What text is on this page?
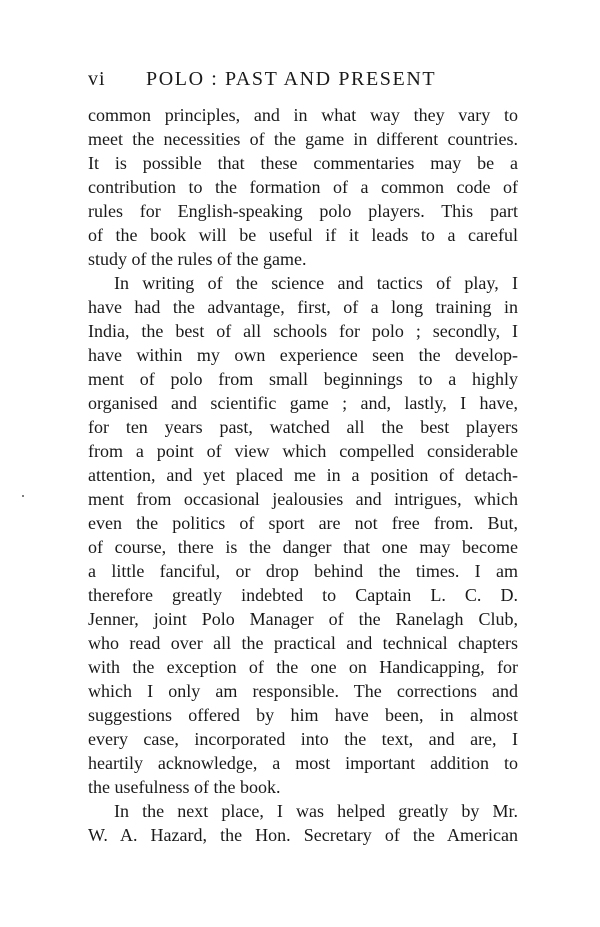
vi POLO : PAST AND PRESENT
common principles, and in what way they vary to
meet the necessities of the game in different countries.
It is possible that these commentaries may be a
contribution to the formation of a common code of
rules for English-speaking polo players. This part
of the book will be useful if it leads to a careful
study of the rules of the game.
In writing of the science and tactics of play, I
have had the advantage, first, of a long training in
India, the best of all schools for polo ; secondly, I
have within my own experience seen the develop-
ment of polo from small beginnings to a highly
organised and scientific game ; and, lastly, I have,
for ten years past, watched all the best players
from a point of view which compelled considerable
attention, and yet placed me in a position of detach-
ment from occasional jealousies and intrigues, which
even the politics of sport are not free from. But,
of course, there is the danger that one may become
a little fanciful, or drop behind the times. I am
therefore greatly indebted to Captain L. C. D.
Jenner, joint Polo Manager of the Ranelagh Club,
who read over all the practical and technical chapters
with the exception of the one on Handicapping, for
which I only am responsible. The corrections and
suggestions offered by him have been, in almost
every case, incorporated into the text, and are, I
heartily acknowledge, a most important addition to
the usefulness of the book.
In the next place, I was helped greatly by Mr.
W. A. Hazard, the Hon. Secretary of the American
